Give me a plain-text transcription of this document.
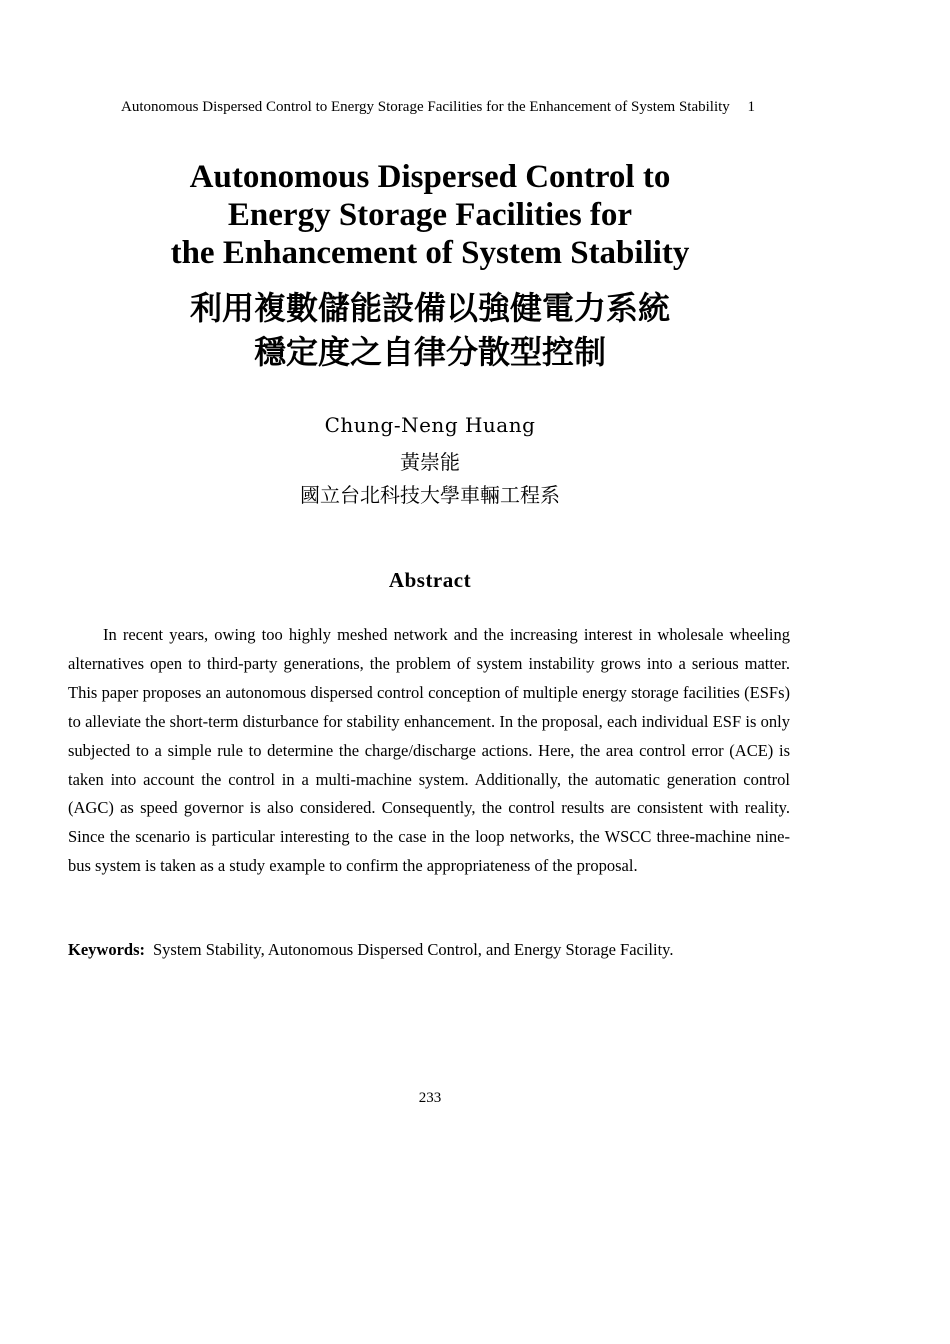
Autonomous Dispersed Control to Energy Storage Facilities for the Enhancement of System Stability 1
Autonomous Dispersed Control to
Energy Storage Facilities for
the Enhancement of System Stability
利用複數儲能設備以強健電力系統
穩定度之自律分散型控制
Chung-Neng Huang
黃崇能
國立台北科技大學車輛工程系
Abstract

In recent years, owing too highly meshed network and the increasing interest in wholesale wheeling alternatives open to third-party generations, the problem of system instability grows into a serious matter. This paper proposes an autonomous dispersed control conception of multiple energy storage facilities (ESFs) to alleviate the short-term disturbance for stability enhancement. In the proposal, each individual ESF is only subjected to a simple rule to determine the charge/discharge actions. Here, the area control error (ACE) is taken into account the control in a multi-machine system. Additionally, the automatic generation control (AGC) as speed governor is also considered. Consequently, the control results are consistent with reality. Since the scenario is particular interesting to the case in the loop networks, the WSCC three-machine nine-bus system is taken as a study example to confirm the appropriateness of the proposal.

Keywords: System Stability, Autonomous Dispersed Control, and Energy Storage Facility.

233
